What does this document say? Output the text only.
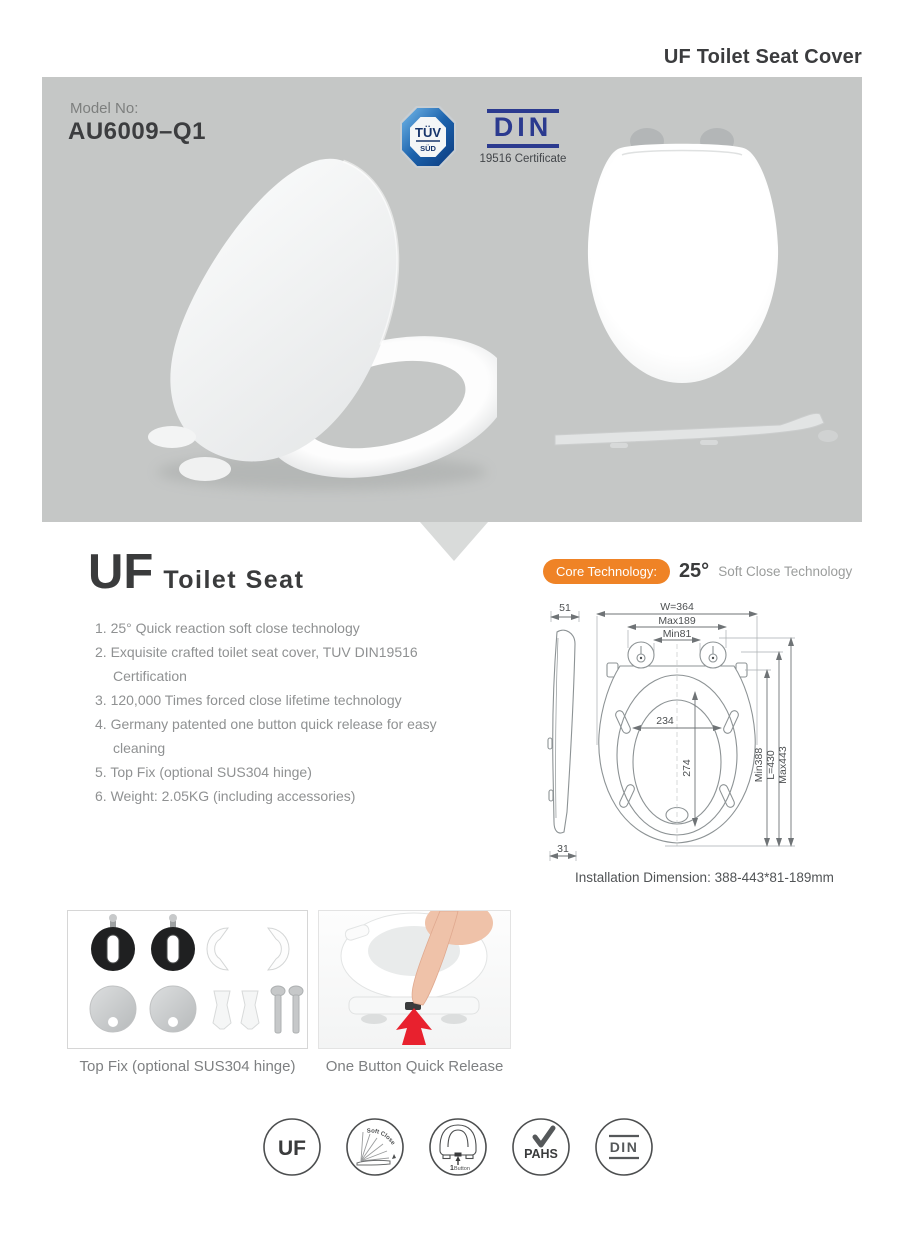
UF Toilet Seat Cover
Model No:
AU6009–Q1	TÜV
SÜD
DIN
19516 Certificate
UF Toilet Seat
1. 25° Quick reaction soft close technology
2. Exquisite crafted toilet seat cover, TUV DIN19516 Certification
3. 120,000 Times forced close lifetime technology
4. Germany patented one button quick release for easy cleaning
5. Top Fix (optional SUS304 hinge)
6. Weight: 2.05KG (including accessories)
Core Technology:	25° Soft Close Technology
51
31
W=364
Max189
Min81
234
274	Min388 L=430 Max443
Installation Dimension: 388-443*81-189mm
Top Fix (optional SUS304 hinge)	One Button Quick Release
UF
Soft Close
1 Button
PAHS	DIN
